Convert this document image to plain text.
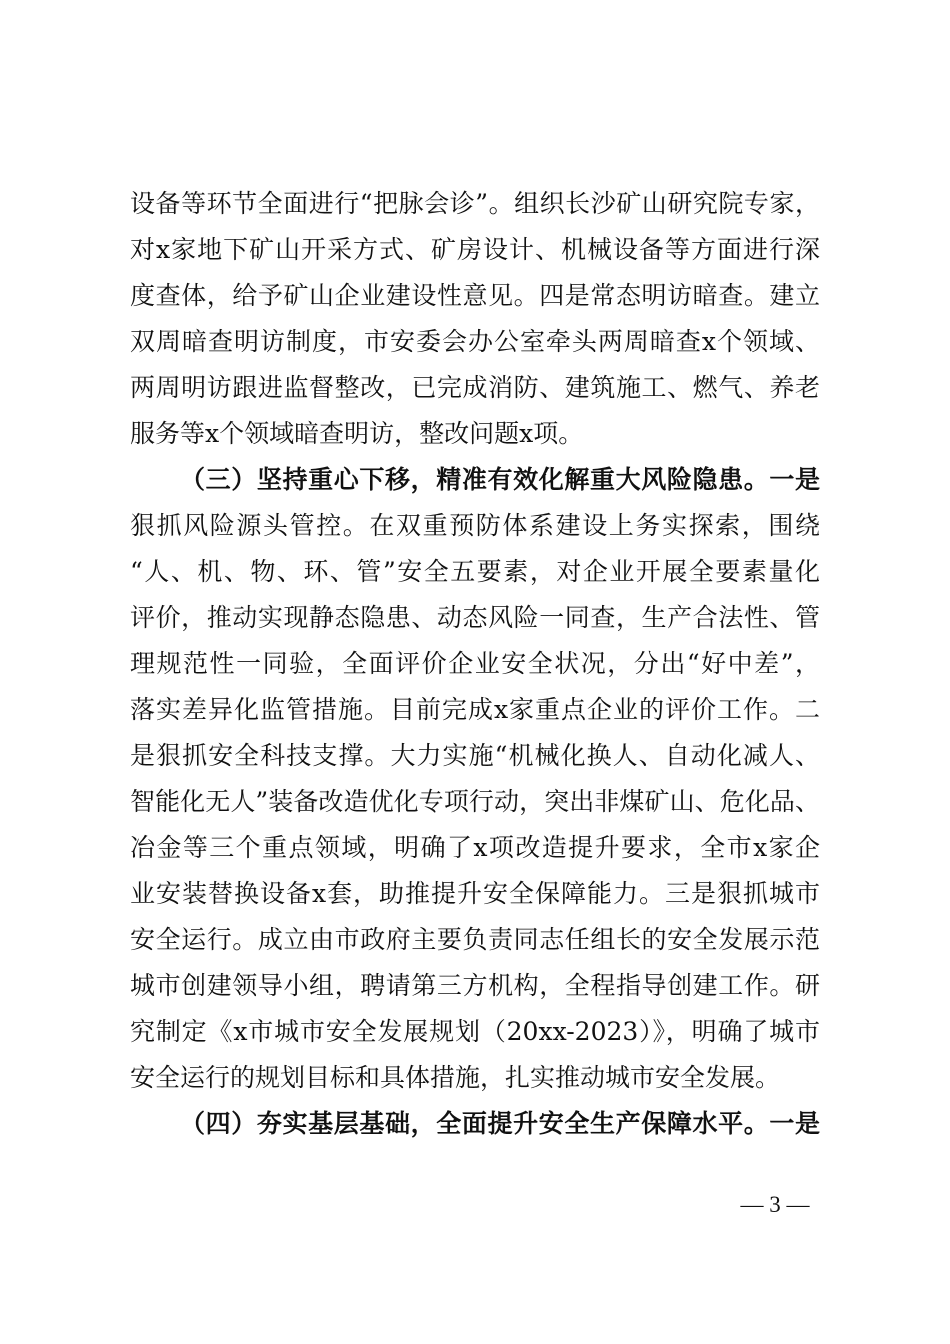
设备等环节全面进行“把脉会诊”。组织长沙矿山研究院专家，
对x家地下矿山开采方式、矿房设计、机械设备等方面进行深
度查体，给予矿山企业建设性意见。四是常态明访暗查。建立
双周暗查明访制度，市安委会办公室牵头两周暗查x个领域、
两周明访跟进监督整改，已完成消防、建筑施工、燃气、养老
服务等x个领域暗查明访，整改问题x项。
（三）坚持重心下移，精准有效化解重大风险隐患。一是
狠抓风险源头管控。在双重预防体系建设上务实探索，围绕
“人、机、物、环、管”安全五要素，对企业开展全要素量化
评价，推动实现静态隐患、动态风险一同查，生产合法性、管
理规范性一同验，全面评价企业安全状况，分出“好中差”，
落实差异化监管措施。目前完成x家重点企业的评价工作。二
是狠抓安全科技支撑。大力实施“机械化换人、自动化减人、
智能化无人”装备改造优化专项行动，突出非煤矿山、危化品、
冶金等三个重点领域，明确了x项改造提升要求，全市x家企
业安装替换设备x套，助推提升安全保障能力。三是狠抓城市
安全运行。成立由市政府主要负责同志任组长的安全发展示范
城市创建领导小组，聘请第三方机构，全程指导创建工作。研
究制定《x市城市安全发展规划（20xx-2023）》，明确了城市
安全运行的规划目标和具体措施，扎实推动城市安全发展。
（四）夯实基层基础，全面提升安全生产保障水平。一是
— 3 —
